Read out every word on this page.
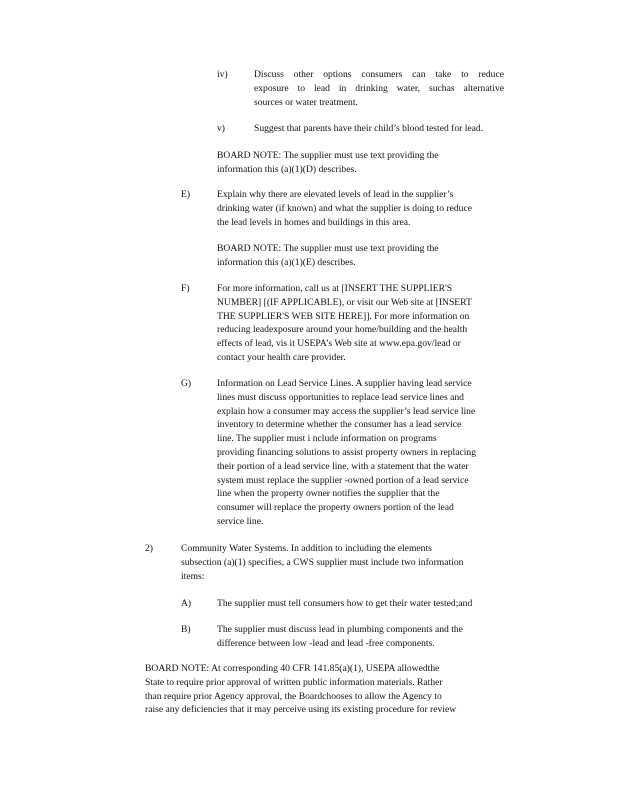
iv)	Discuss other options consumers can take to reduce
exposure to lead in drinking water, suchas alternative
sources or water treatment.
v)	Suggest that parents have their child’s blood tested for lead.
BOARD NOTE: The supplier must use text providing the
information this (a)(1)(D) describes.
E)	Explain why there are elevated levels of lead in the supplier’s
drinking water (if known) and what the supplier is doing to reduce
the lead levels in homes and buildings in this area.
BOARD NOTE: The supplier must use text providing the
information this (a)(1)(E) describes.
F)	For more information, call us at [INSERT THE SUPPLIER'S
NUMBER] [(IF APPLICABLE), or visit our Web site at [INSERT
THE SUPPLIER'S WEB SITE HERE]]. For more information on
reducing leadexposure around your home/building and the health
effects of lead, vis it USEPA’s Web site at www.epa.gov/lead or
contact your health care provider.
G)	Information on Lead Service Lines. A supplier having lead service
lines must discuss opportunities to replace lead service lines and
explain how a consumer may access the supplier’s lead service line
inventory to determine whether the consumer has a lead service
line. The supplier must i nclude information on programs
providing financing solutions to assist property owners in replacing
their portion of a lead service line, with a statement that the water
system must replace the supplier -owned portion of a lead service
line when the property owner notifies the supplier that the
consumer will replace the property owners portion of the lead
service line.
2)	Community Water Systems. In addition to including the elements
subsection (a)(1) specifies, a CWS supplier must include two information
items:
A)	The supplier must tell consumers how to get their water tested;and
B)	The supplier must discuss lead in plumbing components and the
difference between low -lead and lead -free components.
BOARD NOTE: At corresponding 40 CFR 141.85(a)(1), USEPA allowedthe
State to require prior approval of written public information materials. Rather
than require prior Agency approval, the Boardchooses to allow the Agency to
raise any deficiencies that it may perceive using its existing procedure for review
